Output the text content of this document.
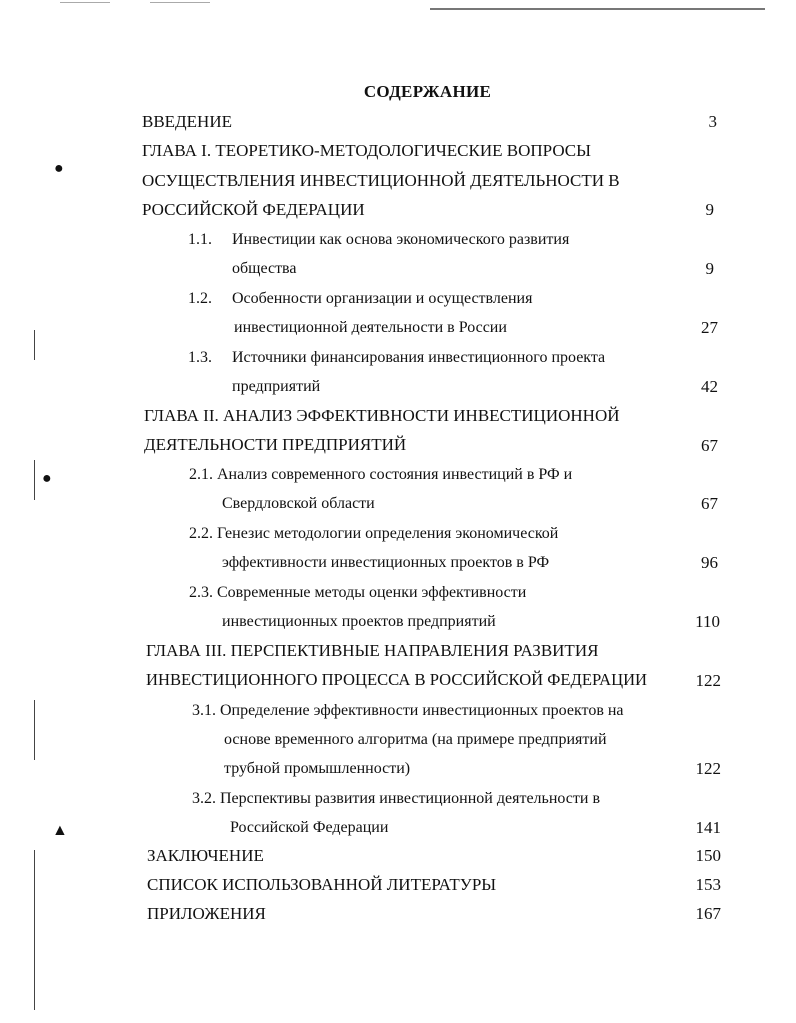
●
●
▲
СОДЕРЖАНИЕ
ВВЕДЕНИЕ	3
ГЛАВА I. ТЕОРЕТИКО-МЕТОДОЛОГИЧЕСКИЕ ВОПРОСЫ
ОСУЩЕСТВЛЕНИЯ ИНВЕСТИЦИОННОЙ ДЕЯТЕЛЬНОСТИ В
РОССИЙСКОЙ ФЕДЕРАЦИИ	9
1.1. Инвестиции как основа экономического развития
общества	9
1.2. Особенности организации и осуществления
инвестиционной деятельности в России	27
1.3. Источники финансирования инвестиционного проекта
предприятий	42
ГЛАВА II. АНАЛИЗ ЭФФЕКТИВНОСТИ ИНВЕСТИЦИОННОЙ
ДЕЯТЕЛЬНОСТИ ПРЕДПРИЯТИЙ	67
2.1. Анализ современного состояния инвестиций в РФ и
Свердловской области	67
2.2. Генезис методологии определения экономической
эффективности инвестиционных проектов в РФ	96
2.3. Современные методы оценки эффективности
инвестиционных проектов предприятий	110
ГЛАВА III. ПЕРСПЕКТИВНЫЕ НАПРАВЛЕНИЯ РАЗВИТИЯ
ИНВЕСТИЦИОННОГО ПРОЦЕССА В РОССИЙСКОЙ ФЕДЕРАЦИИ	122
3.1. Определение эффективности инвестиционных проектов на
основе временного алгоритма (на примере предприятий
трубной промышленности)	122
3.2. Перспективы развития инвестиционной деятельности в
Российской Федерации	141
ЗАКЛЮЧЕНИЕ	150
СПИСОК ИСПОЛЬЗОВАННОЙ ЛИТЕРАТУРЫ	153
ПРИЛОЖЕНИЯ	167
